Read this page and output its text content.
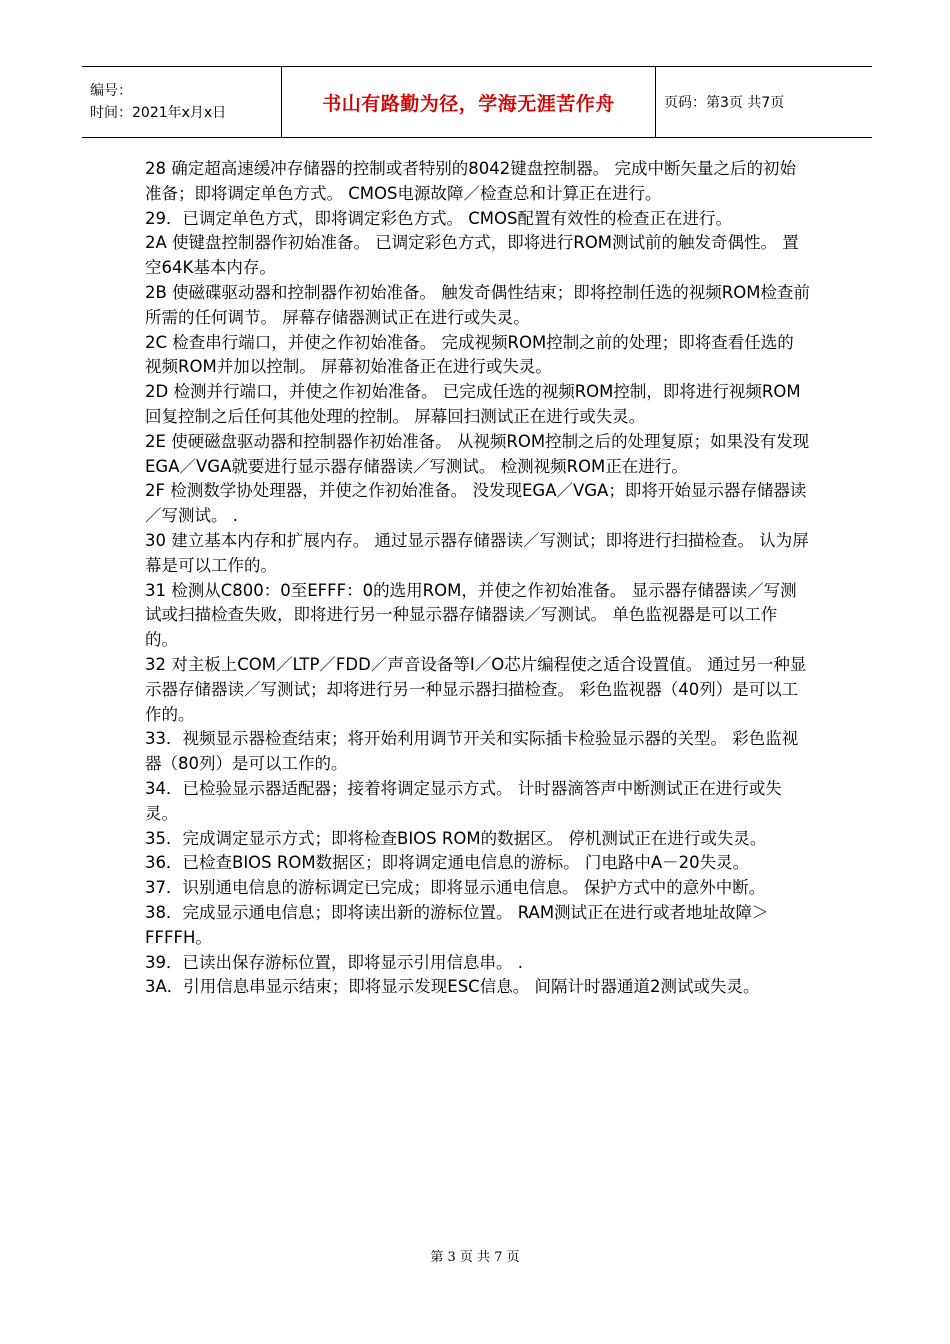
编号：
时间：2021年x月x日	书山有路勤为径，学海无涯苦作舟	页码：第3页 共7页

28 确定超高速缓冲存储器的控制或者特别的8042键盘控制器。 完成中断矢量之后的初始准备；即将调定单色方式。 CMOS电源故障／检查总和计算正在进行。

29．已调定单色方式，即将调定彩色方式。 CMOS配置有效性的检查正在进行。

2A 使键盘控制器作初始准备。 已调定彩色方式，即将进行ROM测试前的触发奇偶性。 置空64K基本内存。

2B 使磁碟驱动器和控制器作初始准备。 触发奇偶性结束；即将控制任选的视频ROM检查前所需的任何调节。 屏幕存储器测试正在进行或失灵。

2C 检查串行端口，并使之作初始准备。 完成视频ROM控制之前的处理；即将查看任选的视频ROM并加以控制。 屏幕初始准备正在进行或失灵。

2D 检测并行端口，并使之作初始准备。 已完成任选的视频ROM控制，即将进行视频ROM回复控制之后任何其他处理的控制。 屏幕回扫测试正在进行或失灵。

2E 使硬磁盘驱动器和控制器作初始准备。 从视频ROM控制之后的处理复原；如果没有发现EGA／VGA就要进行显示器存储器读／写测试。 检测视频ROM正在进行。

2F 检测数学协处理器，并使之作初始准备。 没发现EGA／VGA；即将开始显示器存储器读／写测试。 .

30 建立基本内存和扩展内存。 通过显示器存储器读／写测试；即将进行扫描检查。 认为屏幕是可以工作的。

31 检测从C800：0至EFFF：0的选用ROM，并使之作初始准备。 显示器存储器读／写测试或扫描检查失败，即将进行另一种显示器存储器读／写测试。 单色监视器是可以工作的。

32 对主板上COM／LTP／FDD／声音设备等I／O芯片编程使之适合设置值。 通过另一种显示器存储器读／写测试；却将进行另一种显示器扫描检查。 彩色监视器（40列）是可以工作的。

33．视频显示器检查结束；将开始利用调节开关和实际插卡检验显示器的关型。 彩色监视器（80列）是可以工作的。

34．已检验显示器适配器；接着将调定显示方式。 计时器滴答声中断测试正在进行或失灵。

35．完成调定显示方式；即将检查BIOS ROM的数据区。 停机测试正在进行或失灵。

36．已检查BIOS ROM数据区；即将调定通电信息的游标。 门电路中A－20失灵。

37．识别通电信息的游标调定已完成；即将显示通电信息。 保护方式中的意外中断。

38．完成显示通电信息；即将读出新的游标位置。 RAM测试正在进行或者地址故障＞FFFFH。

39．已读出保存游标位置，即将显示引用信息串。 .

3A．引用信息串显示结束；即将显示发现ESC信息。 间隔计时器通道2测试或失灵。

第 3 页 共 7 页
